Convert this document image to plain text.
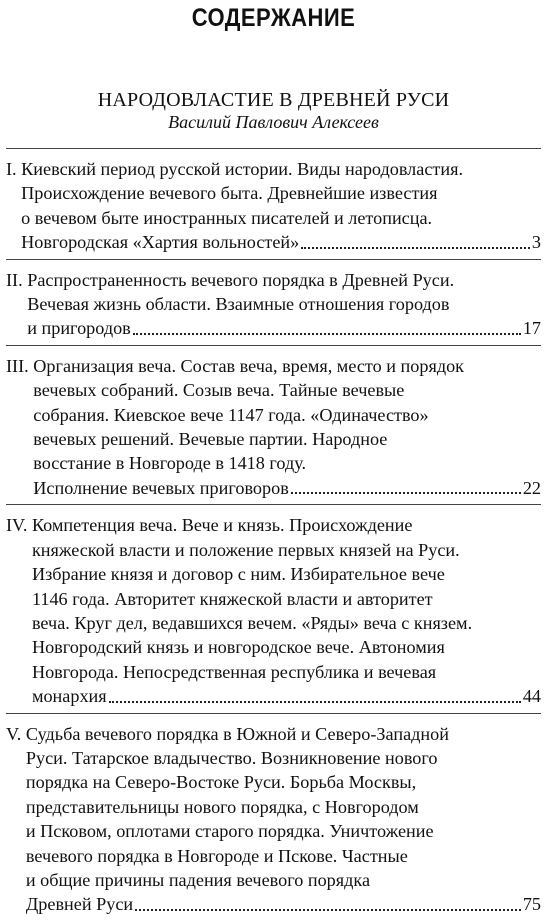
СОДЕРЖАНИЕ
НАРОДОВЛАСТИЕ В ДРЕВНЕЙ РУСИ
Василий Павлович Алексеев
I.
Киевский период русской истории. Виды народовластия.
Происхождение вечевого быта. Древнейшие известия
о вечевом быте иностранных писателей и летописца.
Новгородская «Хартия вольностей»	3
II.
Распространенность вечевого порядка в Древней Руси.
Вечевая жизнь области. Взаимные отношения городов
и пригородов	17
III.
Организация веча. Состав веча, время, место и порядок
вечевых собраний. Созыв веча. Тайные вечевые
собрания. Киевское вече 1147 года. «Одиначество»
вечевых решений. Вечевые партии. Народное
восстание в Новгороде в 1418 году.
Исполнение вечевых приговоров	22
IV.
Компетенция веча. Вече и князь. Происхождение
княжеской власти и положение первых князей на Руси.
Избрание князя и договор с ним. Избирательное вече
1146 года. Авторитет княжеской власти и авторитет
веча. Круг дел, ведавшихся вечем. «Ряды» веча с князем.
Новгородский князь и новгородское вече. Автономия
Новгорода. Непосредственная республика и вечевая
монархия	44
V.
Судьба вечевого порядка в Южной и Северо-Западной
Руси. Татарское владычество. Возникновение нового
порядка на Северо-Востоке Руси. Борьба Москвы,
представительницы нового порядка, с Новгородом
и Псковом, оплотами старого порядка. Уничтожение
вечевого порядка в Новгороде и Пскове. Частные
и общие причины падения вечевого порядка
Древней Руси	75
